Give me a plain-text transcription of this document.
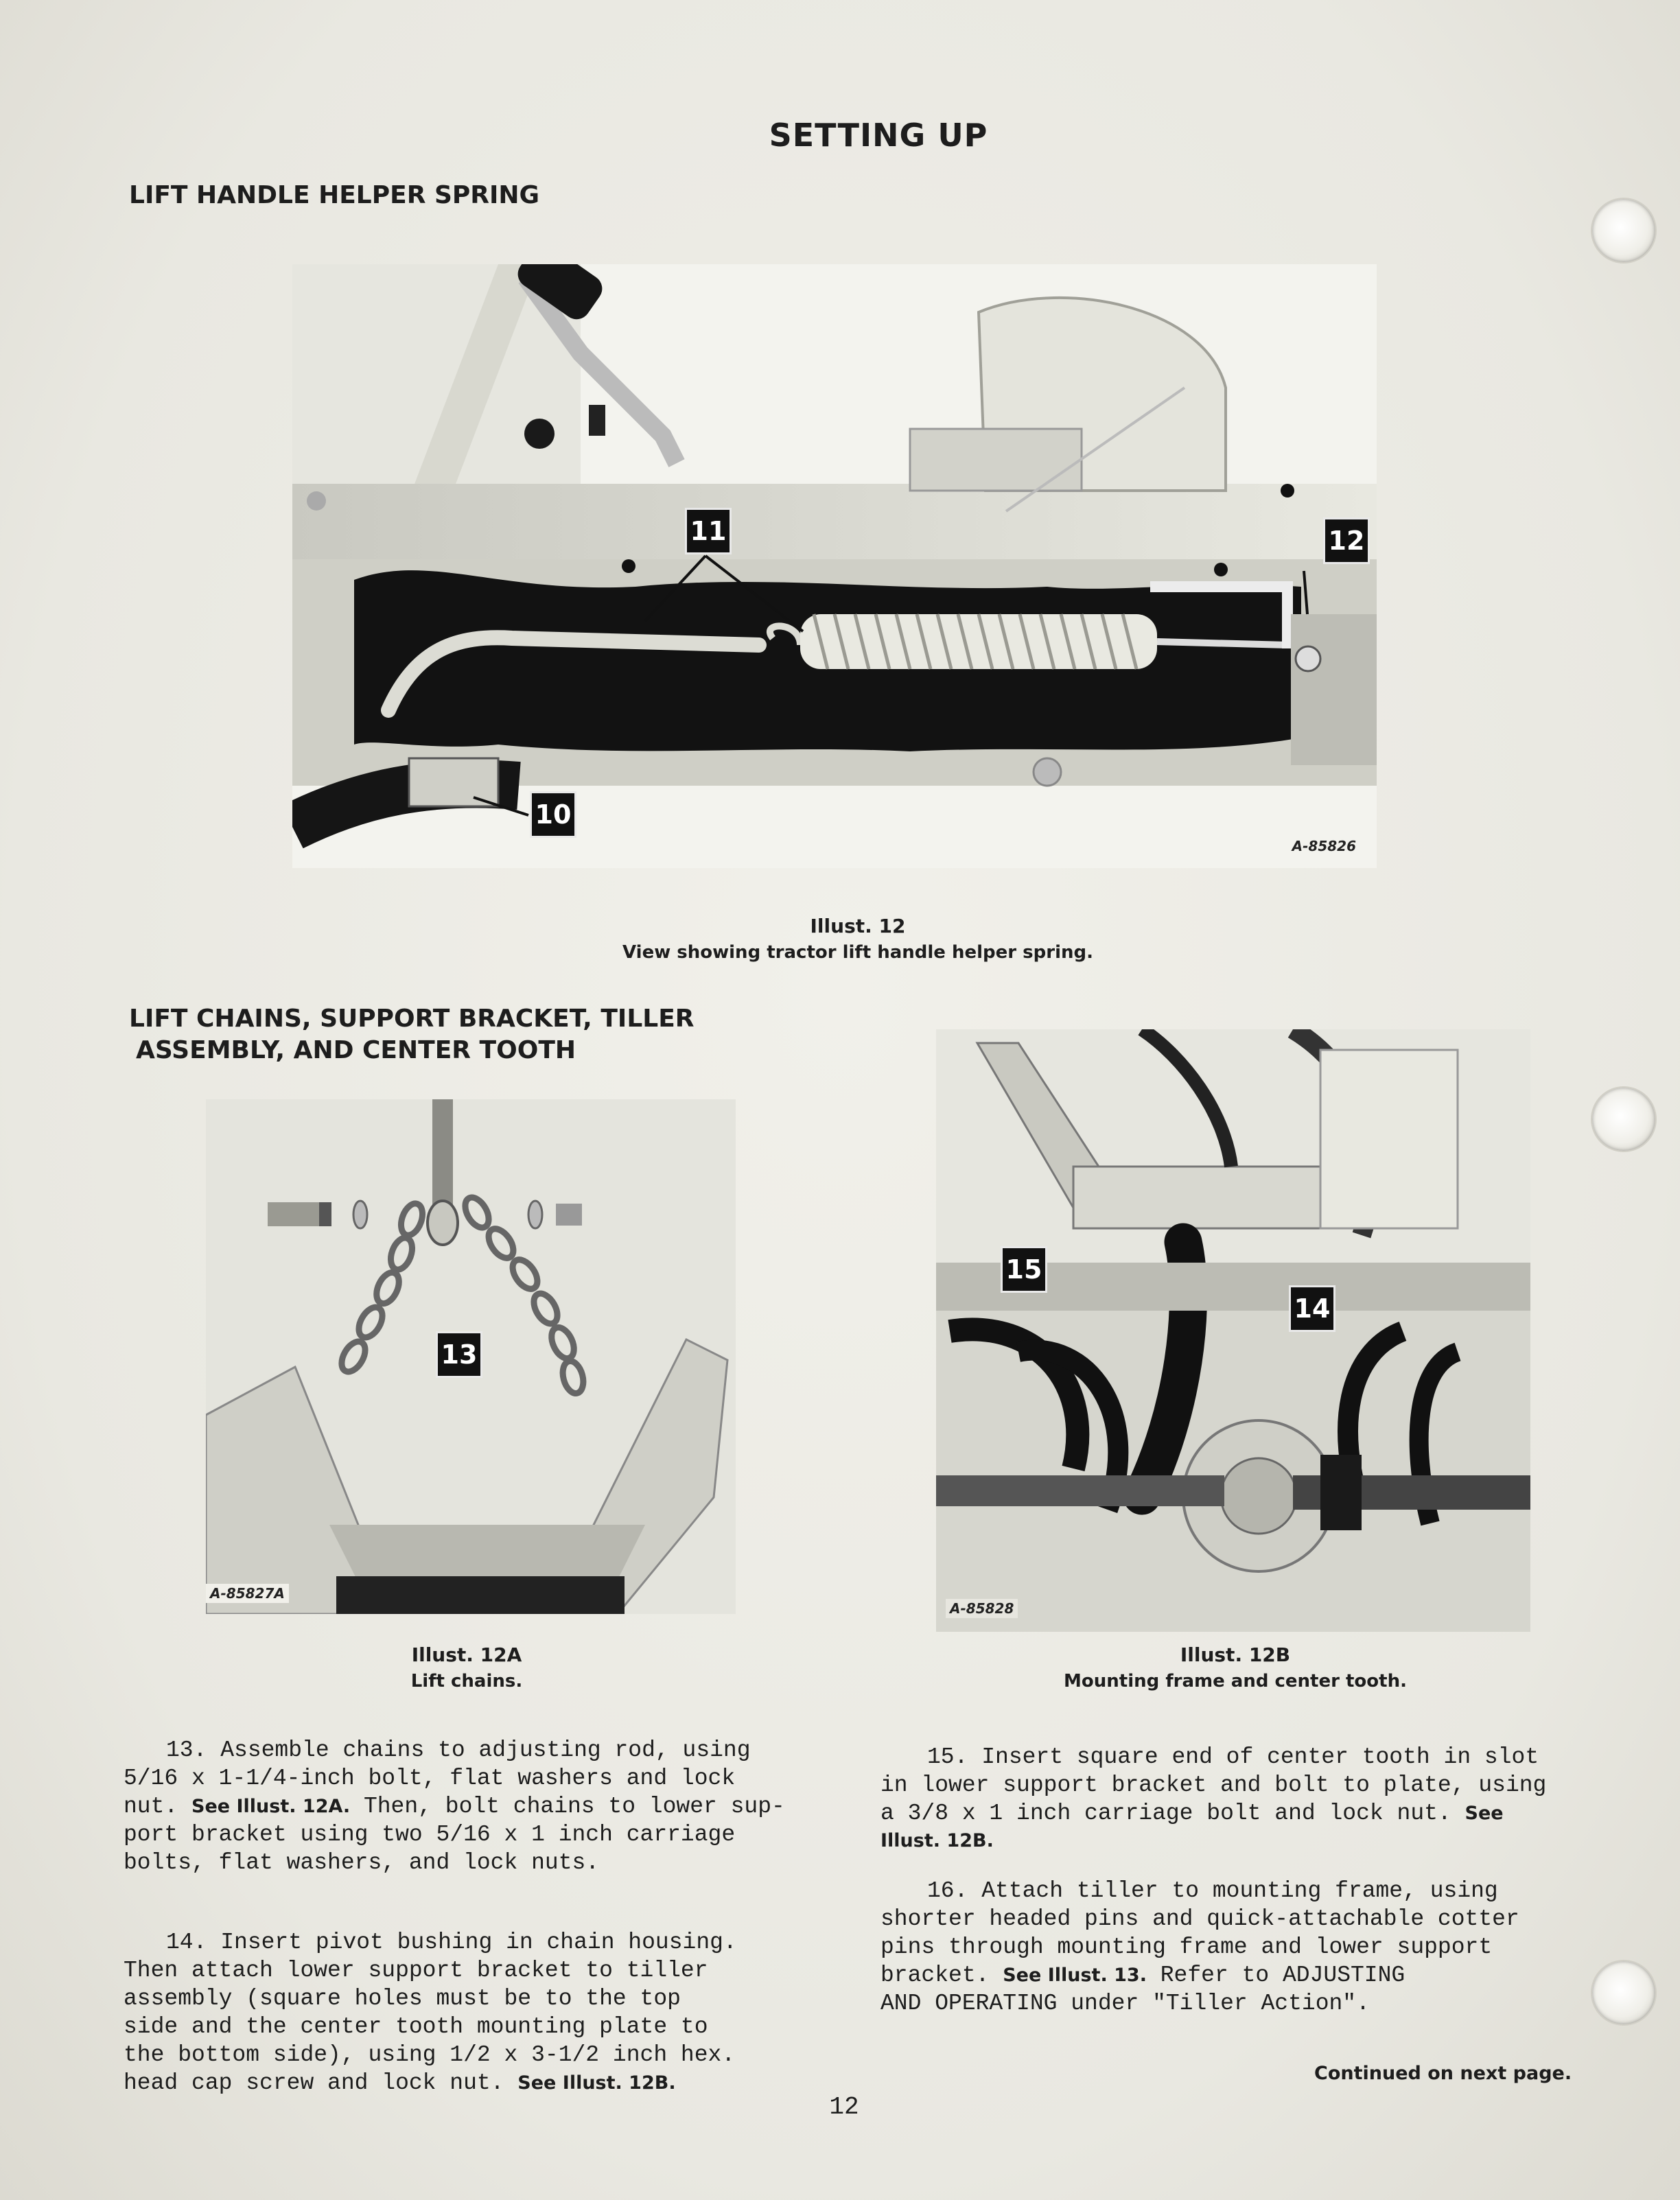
SETTING UP
LIFT HANDLE HELPER SPRING
A-85826
11	12
10
Illust. 12
View showing tractor lift handle helper spring.
LIFT CHAINS, SUPPORT BRACKET, TILLER
ASSEMBLY, AND CENTER TOOTH
A-85827A
13
Illust. 12A
Lift chains.
A-85828
15
14
Illust. 12B
Mounting frame and center tooth.
13. Assemble chains to adjusting rod, using
5/16 x 1-1/4-inch bolt, flat washers and lock
nut. See Illust. 12A. Then, bolt chains to lower sup-
port bracket using two 5/16 x 1 inch carriage
bolts, flat washers, and lock nuts.
14. Insert pivot bushing in chain housing.
Then attach lower support bracket to tiller
assembly (square holes must be to the top
side and the center tooth mounting plate to
the bottom side), using 1/2 x 3-1/2 inch hex.
head cap screw and lock nut. See Illust. 12B.
15. Insert square end of center tooth in slot
in lower support bracket and bolt to plate, using
a 3/8 x 1 inch carriage bolt and lock nut. See
Illust. 12B.
16. Attach tiller to mounting frame, using
shorter headed pins and quick-attachable cotter
pins through mounting frame and lower support
bracket. See Illust. 13. Refer to ADJUSTING
AND OPERATING under "Tiller Action".
Continued on next page.
12
